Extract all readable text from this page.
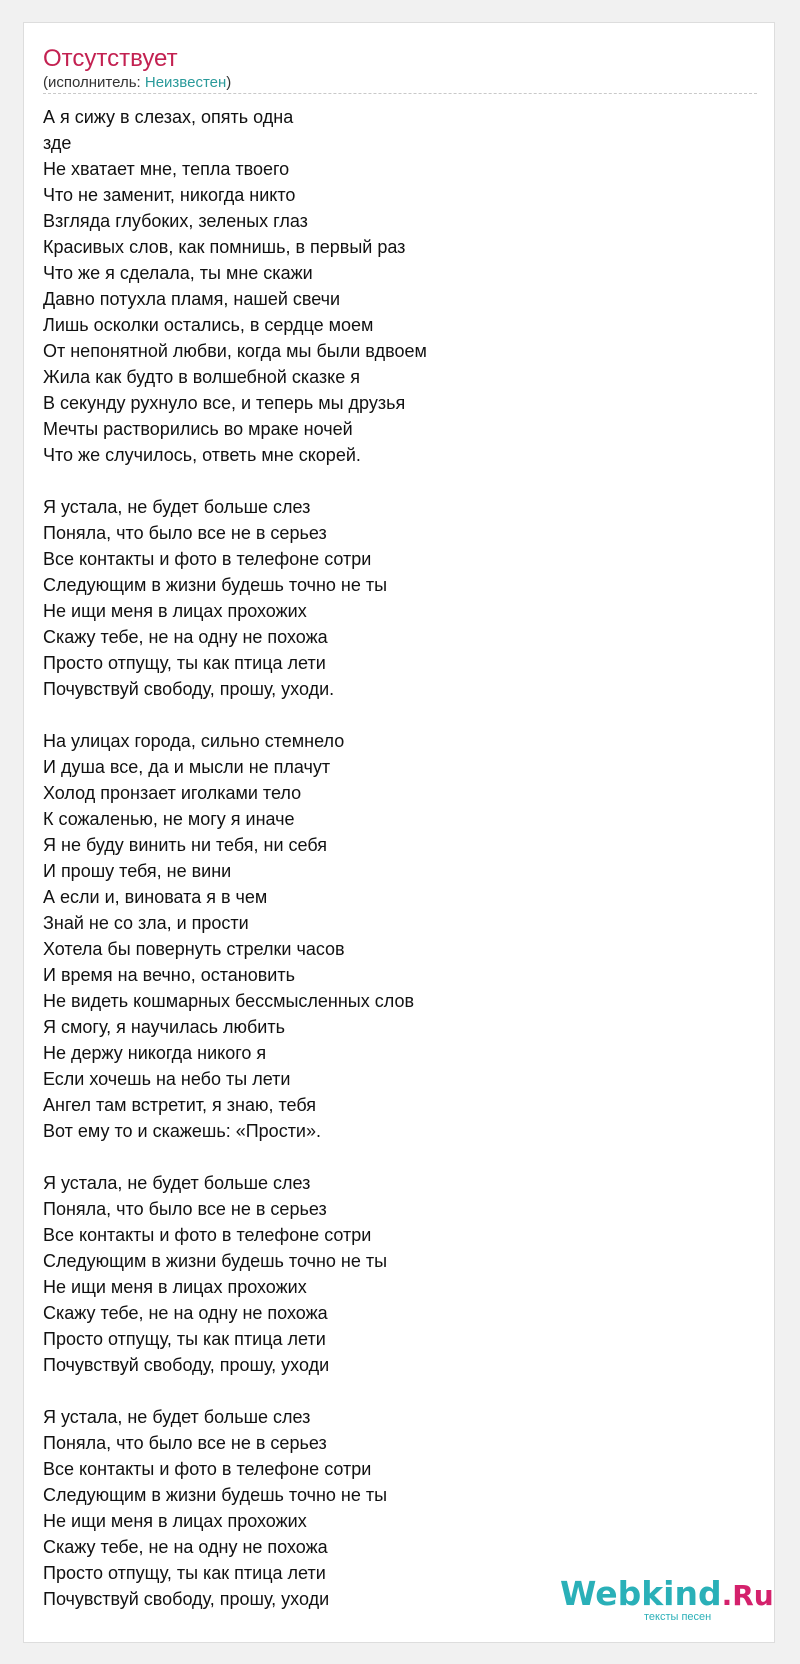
Отсутствует
(исполнитель: Неизвестен)
А я сижу в слезах, опять одна
зде
Не хватает мне, тепла твоего
Что не заменит, никогда никто
Взгляда глубоких, зеленых глаз
Красивых слов, как помнишь, в первый раз
Что же я сделала, ты мне скажи
Давно потухла пламя, нашей свечи
Лишь осколки остались, в сердце моем
От непонятной любви, когда мы были вдвоем
Жила как будто в волшебной сказке я
В секунду рухнуло все, и теперь мы друзья
Мечты растворились во мраке ночей
Что же случилось, ответь мне скорей.
Я устала, не будет больше слез
Поняла, что было все не в серьез
Все контакты и фото в телефоне сотри
Следующим в жизни будешь точно не ты
Не ищи меня в лицах прохожих
Скажу тебе, не на одну не похожа
Просто отпущу, ты как птица лети
Почувствуй свободу, прошу, уходи.
На улицах города, сильно стемнело
И душа все, да и мысли не плачут
Холод пронзает иголками тело
К сожаленью, не могу я иначе
Я не буду винить ни тебя, ни себя
И прошу тебя, не вини
А если и, виновата я в чем
Знай не со зла, и прости
Хотела бы повернуть стрелки часов
И время на вечно, остановить
Не видеть кошмарных бессмысленных слов
Я смогу, я научилась любить
Не держу никогда никого я
Если хочешь на небо ты лети
Ангел там встретит, я знаю, тебя
Вот ему то и скажешь: «Прости».
Я устала, не будет больше слез
Поняла, что было все не в серьез
Все контакты и фото в телефоне сотри
Следующим в жизни будешь точно не ты
Не ищи меня в лицах прохожих
Скажу тебе, не на одну не похожа
Просто отпущу, ты как птица лети
Почувствуй свободу, прошу, уходи
Я устала, не будет больше слез
Поняла, что было все не в серьез
Все контакты и фото в телефоне сотри
Следующим в жизни будешь точно не ты
Не ищи меня в лицах прохожих
Скажу тебе, не на одну не похожа
Просто отпущу, ты как птица лети
Почувствуй свободу, прошу, уходи	Webkind.Ru
тексты песен
